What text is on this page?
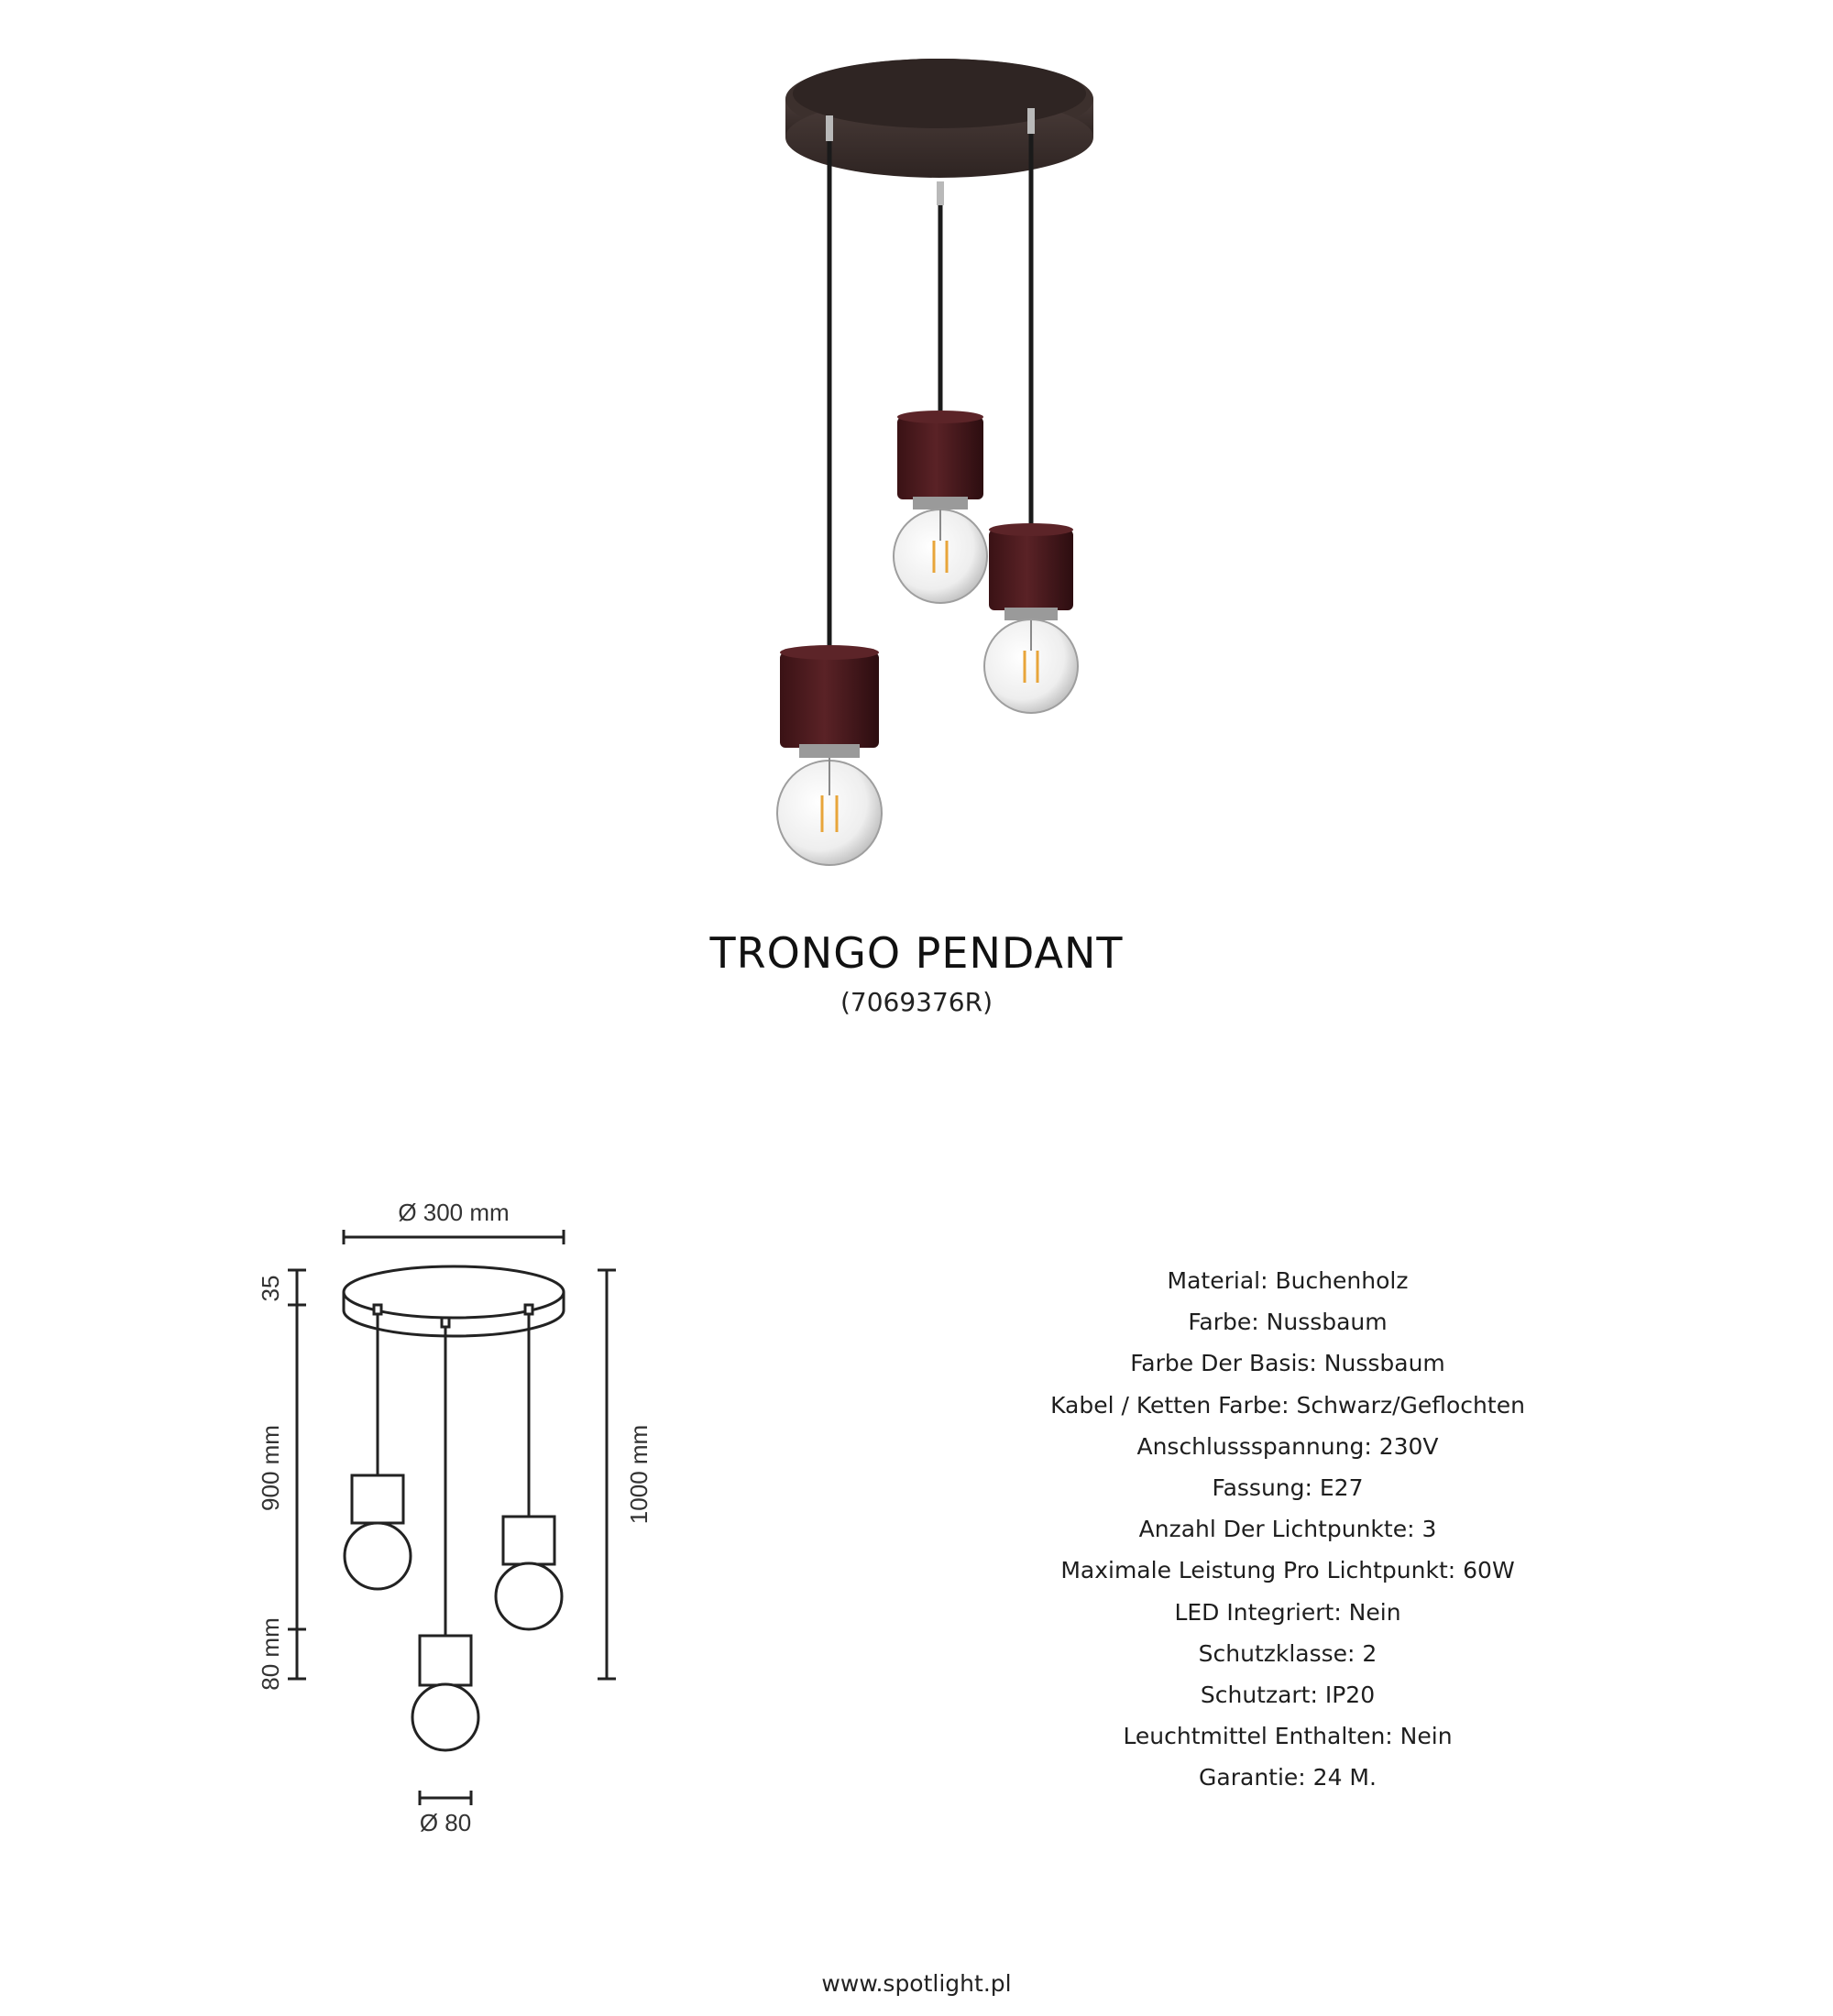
TRONGO PENDANT
(7069376R)
Ø 300 mm
35
900 mm
80 mm
1000 mm
Ø 80
Material: Buchenholz
Farbe: Nussbaum
Farbe Der Basis: Nussbaum
Kabel / Ketten Farbe: Schwarz/Geflochten
Anschlussspannung: 230V
Fassung: E27
Anzahl Der Lichtpunkte: 3
Maximale Leistung Pro Lichtpunkt: 60W
LED Integriert: Nein
Schutzklasse: 2
Schutzart: IP20
Leuchtmittel Enthalten: Nein
Garantie: 24 M.
www.spotlight.pl
